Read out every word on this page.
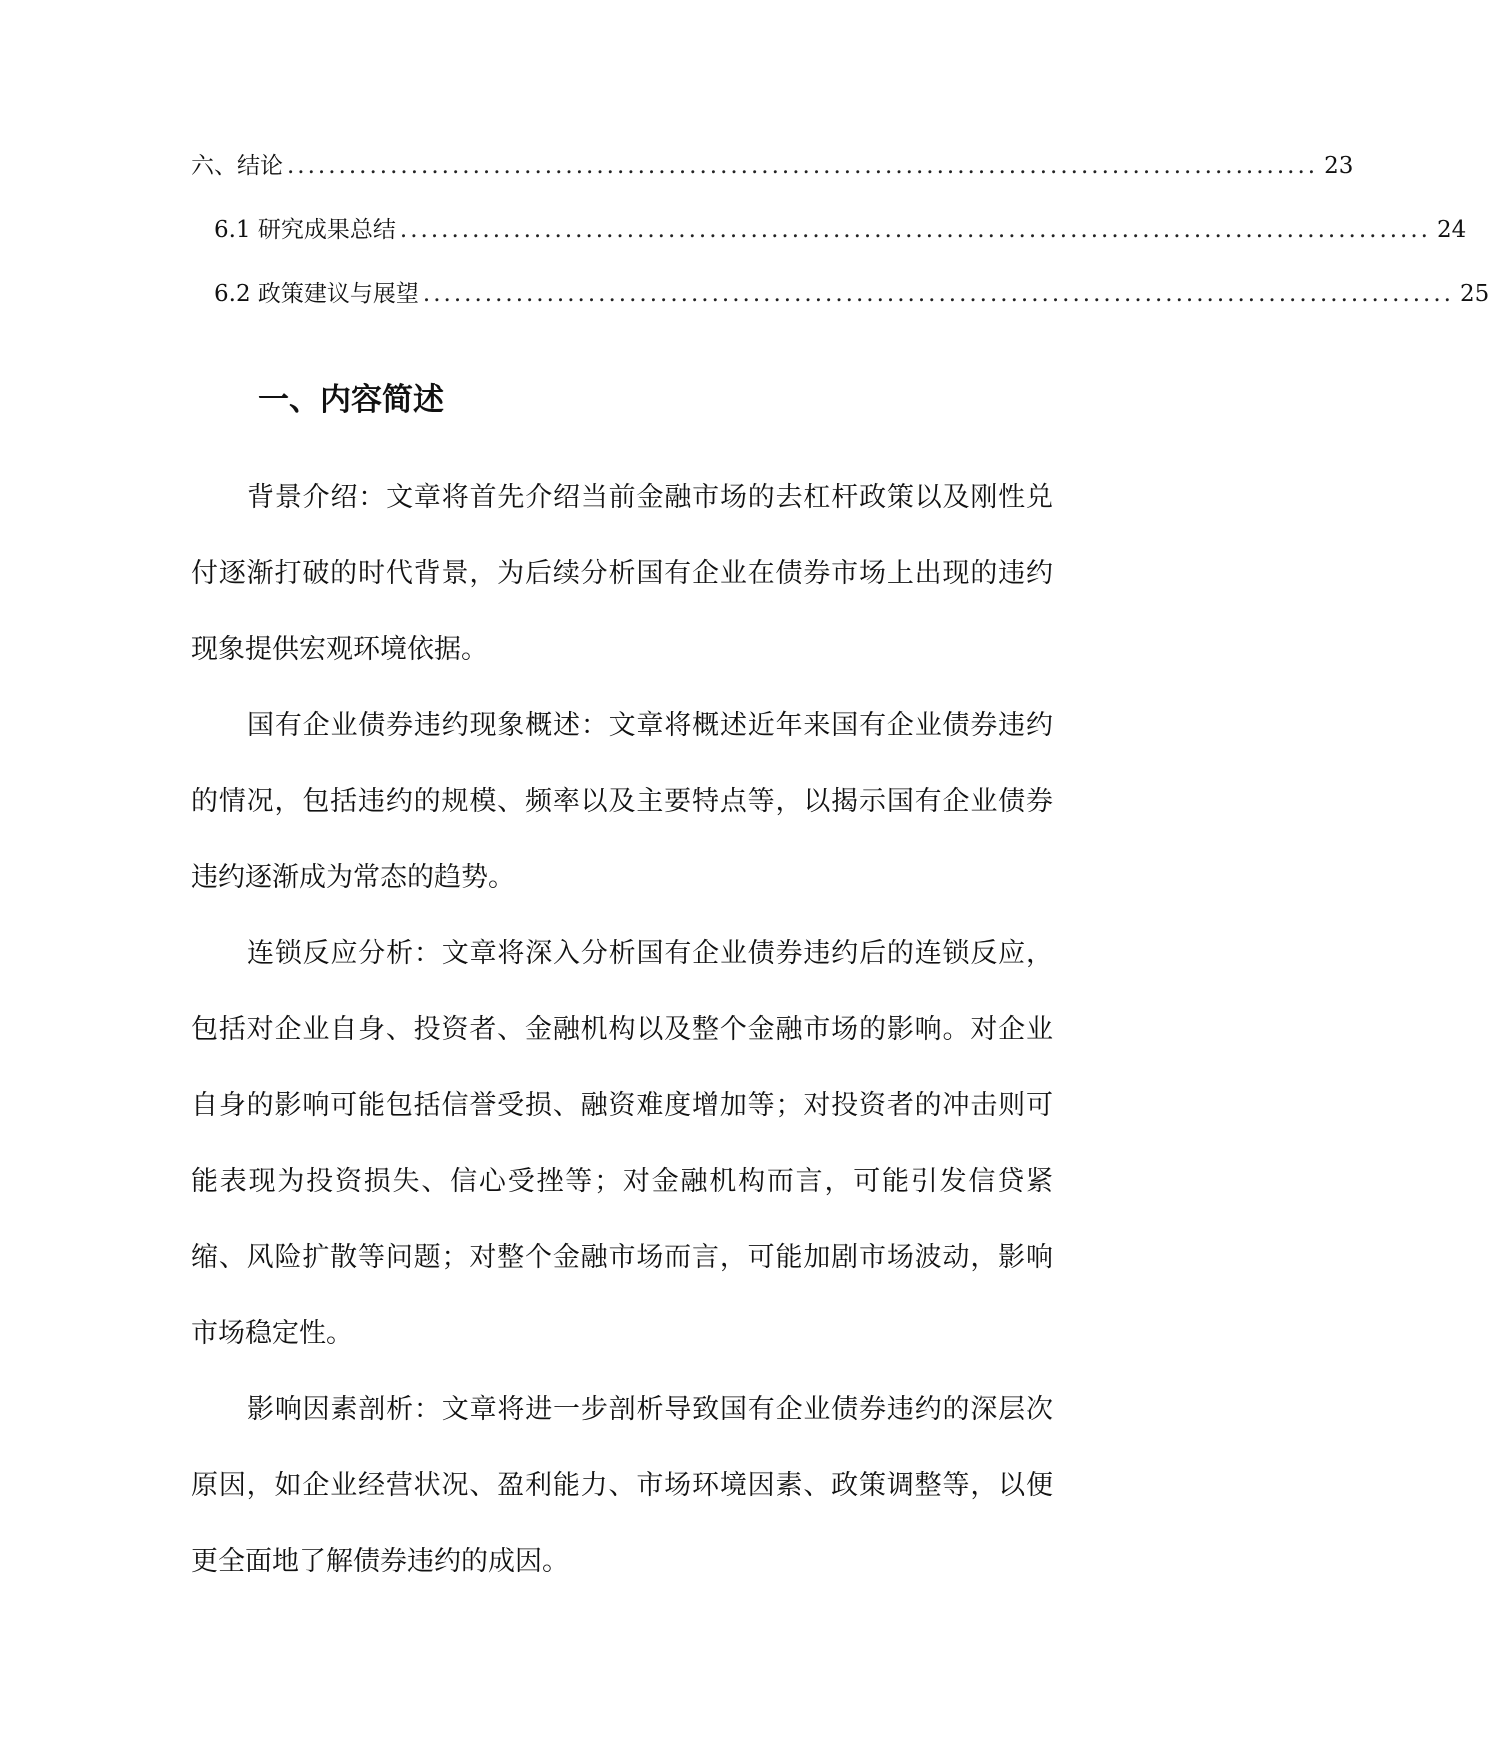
六、结论 .................................................................................................... 23
6.1 研究成果总结 .................................................................................................... 24
6.2 政策建议与展望 .................................................................................................... 25
一、内容简述

背景介绍：文章将首先介绍当前金融市场的去杠杆政策以及刚性兑付逐渐打破的时代背景，为后续分析国有企业在债券市场上出现的违约现象提供宏观环境依据。

国有企业债券违约现象概述：文章将概述近年来国有企业债券违约的情况，包括违约的规模、频率以及主要特点等，以揭示国有企业债券违约逐渐成为常态的趋势。

连锁反应分析：文章将深入分析国有企业债券违约后的连锁反应，包括对企业自身、投资者、金融机构以及整个金融市场的影响。对企业自身的影响可能包括信誉受损、融资难度增加等；对投资者的冲击则可能表现为投资损失、信心受挫等；对金融机构而言，可能引发信贷紧缩、风险扩散等问题；对整个金融市场而言，可能加剧市场波动，影响市场稳定性。

影响因素剖析：文章将进一步剖析导致国有企业债券违约的深层次原因，如企业经营状况、盈利能力、市场环境因素、政策调整等，以便更全面地了解债券违约的成因。
